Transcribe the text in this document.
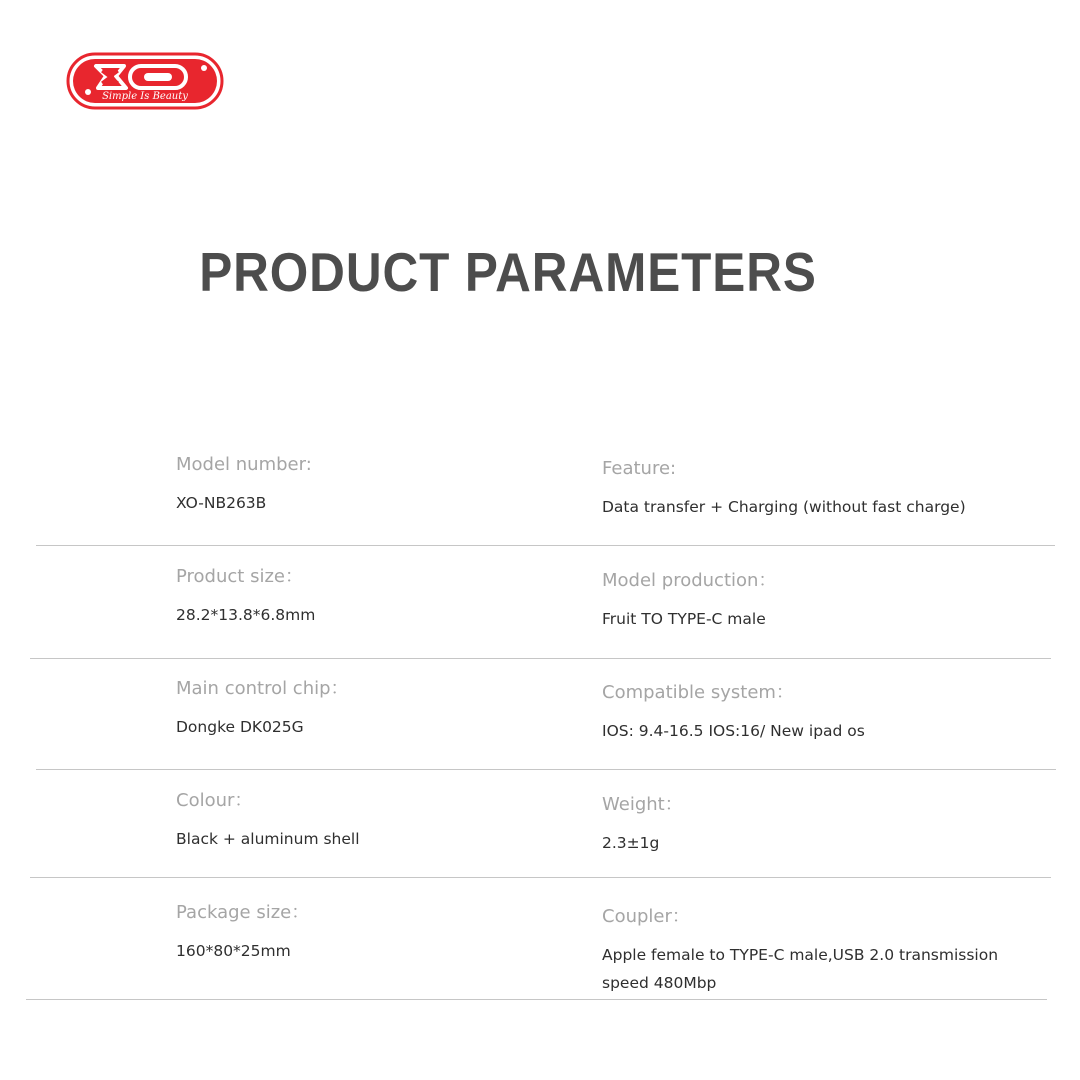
Simple Is Beauty
PRODUCT PARAMETERS
Model number:
XO-NB263B
Feature:
Data transfer + Charging (without fast charge)
Product size：
28.2*13.8*6.8mm
Model production：
Fruit TO TYPE-C male
Main control chip：
Dongke DK025G
Compatible system：
IOS: 9.4-16.5 IOS:16/ New ipad os
Colour：
Black + aluminum shell
Weight：
2.3±1g
Package size：
160*80*25mm
Coupler：
Apple female to TYPE-C male,USB 2.0 transmission speed 480Mbp
